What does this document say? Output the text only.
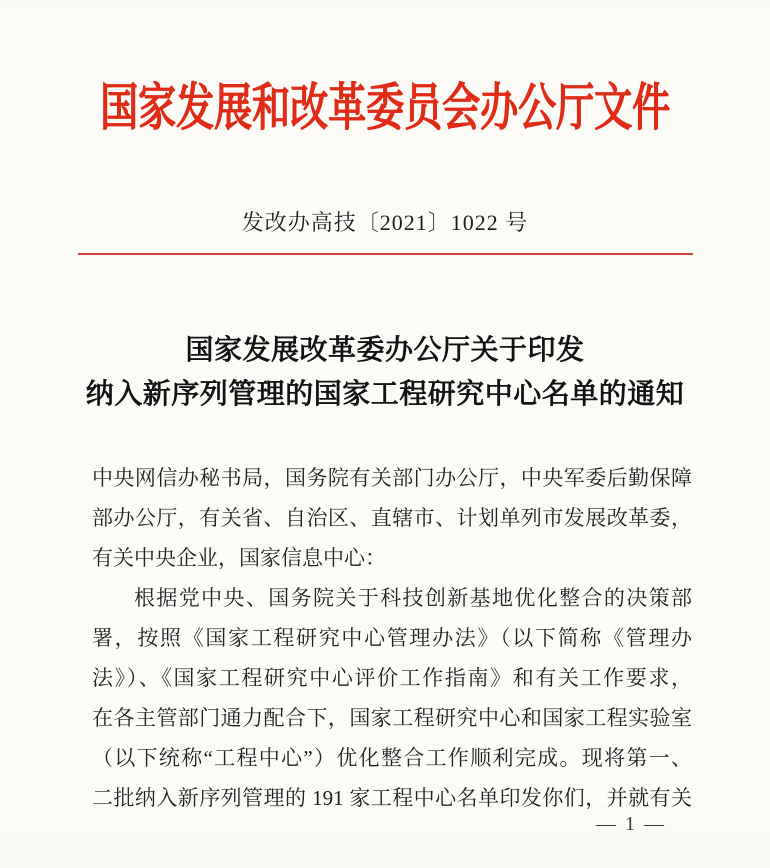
国家发展和改革委员会办公厅文件
发改办高技〔2021〕1022 号
国家发展改革委办公厅关于印发
纳入新序列管理的国家工程研究中心名单的通知
中央网信办秘书局，国务院有关部门办公厅，中央军委后勤保障
部办公厅，有关省、自治区、直辖市、计划单列市发展改革委，
有关中央企业，国家信息中心：
根据党中央、国务院关于科技创新基地优化整合的决策部
署，按照《国家工程研究中心管理办法》（以下简称《管理办
法》）、《国家工程研究中心评价工作指南》和有关工作要求，
在各主管部门通力配合下，国家工程研究中心和国家工程实验室
（以下统称“工程中心”）优化整合工作顺利完成。现将第一、
二批纳入新序列管理的 191 家工程中心名单印发你们，并就有关
— 1 —
